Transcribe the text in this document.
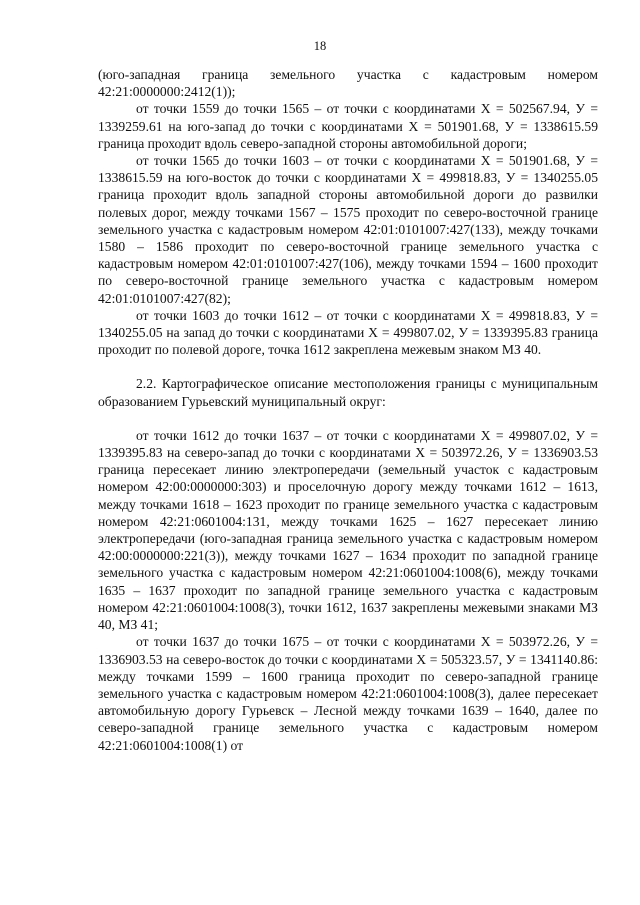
18

(юго-западная граница земельного участка с кадастровым номером 42:21:0000000:2412(1));

от точки 1559 до точки 1565 – от точки с координатами Х = 502567.94, У = 1339259.61 на юго-запад до точки с координатами Х = 501901.68, У = 1338615.59 граница проходит вдоль северо-западной стороны автомобильной дороги;

от точки 1565 до точки 1603 – от точки с координатами Х = 501901.68, У = 1338615.59 на юго-восток до точки с координатами Х = 499818.83, У = 1340255.05 граница проходит вдоль западной стороны автомобильной дороги до развилки полевых дорог, между точками 1567 – 1575 проходит по северо-восточной границе земельного участка с кадастровым номером 42:01:0101007:427(133), между точками 1580 – 1586 проходит по северо-восточной границе земельного участка с кадастровым номером 42:01:0101007:427(106), между точками 1594 – 1600 проходит по северо-восточной границе земельного участка с кадастровым номером 42:01:0101007:427(82);

от точки 1603 до точки 1612 – от точки с координатами Х = 499818.83, У = 1340255.05 на запад до точки с координатами Х = 499807.02, У = 1339395.83 граница проходит по полевой дороге, точка 1612 закреплена межевым знаком МЗ 40.

2.2. Картографическое описание местоположения границы с муниципальным образованием Гурьевский муниципальный округ:

от точки 1612 до точки 1637 – от точки с координатами Х = 499807.02, У = 1339395.83 на северо-запад до точки с координатами Х = 503972.26, У = 1336903.53 граница пересекает линию электропередачи (земельный участок с кадастровым номером 42:00:0000000:303) и проселочную дорогу между точками 1612 – 1613, между точками 1618 – 1623 проходит по границе земельного участка с кадастровым номером 42:21:0601004:131, между точками 1625 – 1627 пересекает линию электропередачи (юго-западная граница земельного участка с кадастровым номером 42:00:0000000:221(3)), между точками 1627 – 1634 проходит по западной границе земельного участка с кадастровым номером 42:21:0601004:1008(6), между точками 1635 – 1637 проходит по западной границе земельного участка с кадастровым номером 42:21:0601004:1008(3), точки 1612, 1637 закреплены межевыми знаками МЗ 40, МЗ 41;

от точки 1637 до точки 1675 – от точки с координатами Х = 503972.26, У = 1336903.53 на северо-восток до точки с координатами Х = 505323.57, У = 1341140.86: между точками 1599 – 1600 граница проходит по северо-западной границе земельного участка с кадастровым номером 42:21:0601004:1008(3), далее пересекает автомобильную дорогу Гурьевск – Лесной между точками 1639 – 1640, далее по северо-западной границе земельного участка с кадастровым номером 42:21:0601004:1008(1) от
